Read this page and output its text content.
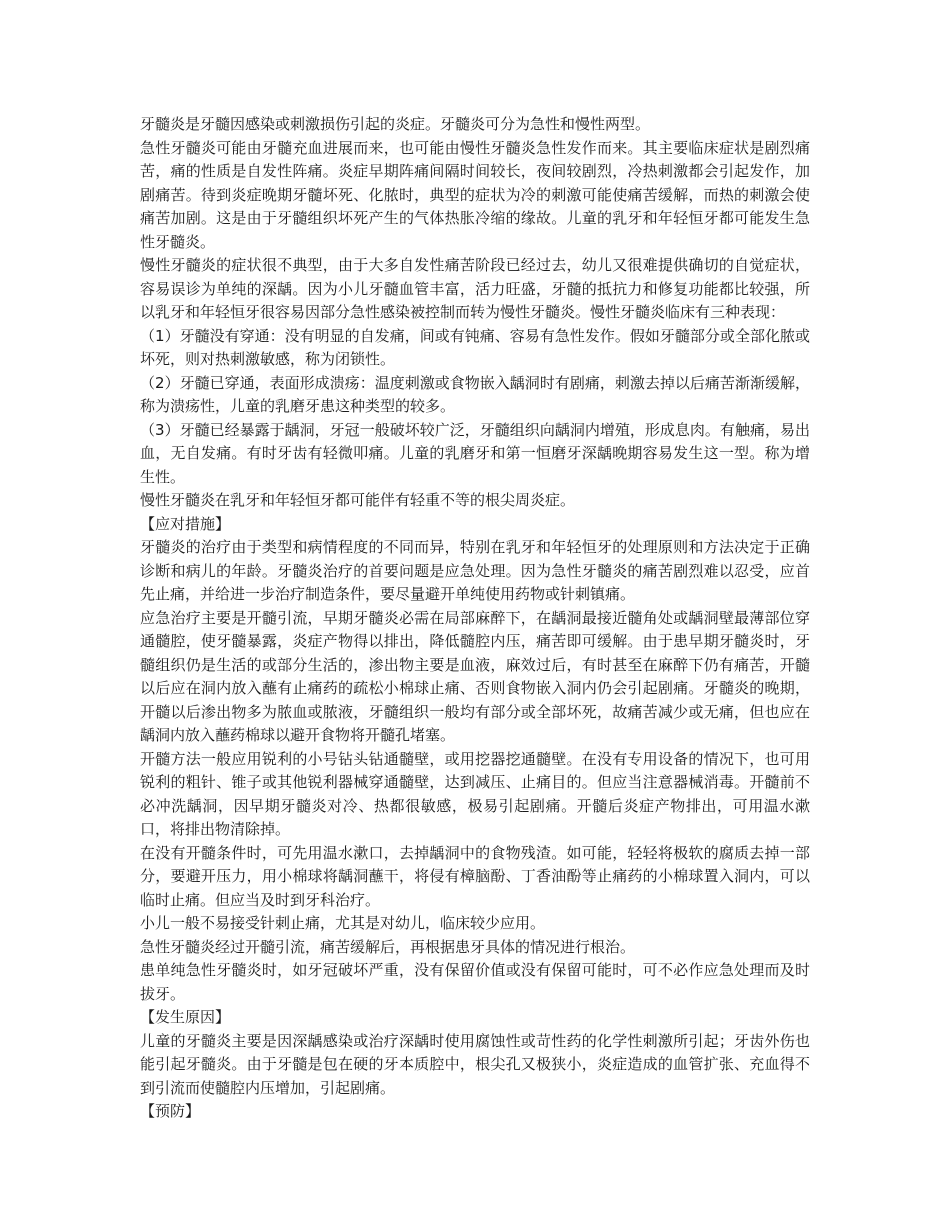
牙髓炎是牙髓因感染或刺激损伤引起的炎症。牙髓炎可分为急性和慢性两型。

急性牙髓炎可能由牙髓充血进展而来，也可能由慢性牙髓炎急性发作而来。其主要临床症状是剧烈痛苦，痛的性质是自发性阵痛。炎症早期阵痛间隔时间较长，夜间较剧烈，冷热刺激都会引起发作，加剧痛苦。待到炎症晚期牙髓坏死、化脓时，典型的症状为冷的刺激可能使痛苦缓解，而热的刺激会使痛苦加剧。这是由于牙髓组织坏死产生的气体热胀冷缩的缘故。儿童的乳牙和年轻恒牙都可能发生急性牙髓炎。

慢性牙髓炎的症状很不典型，由于大多自发性痛苦阶段已经过去，幼儿又很难提供确切的自觉症状，容易误诊为单纯的深龋。因为小儿牙髓血管丰富，活力旺盛，牙髓的抵抗力和修复功能都比较强，所以乳牙和年轻恒牙很容易因部分急性感染被控制而转为慢性牙髓炎。慢性牙髓炎临床有三种表现：

（1）牙髓没有穿通：没有明显的自发痛，间或有钝痛、容易有急性发作。假如牙髓部分或全部化脓或坏死，则对热刺激敏感，称为闭锁性。

（2）牙髓已穿通，表面形成溃疡：温度刺激或食物嵌入龋洞时有剧痛，刺激去掉以后痛苦渐渐缓解，称为溃疡性，儿童的乳磨牙患这种类型的较多。

（3）牙髓已经暴露于龋洞，牙冠一般破坏较广泛，牙髓组织向龋洞内增殖，形成息肉。有触痛，易出血，无自发痛。有时牙齿有轻微叩痛。儿童的乳磨牙和第一恒磨牙深龋晚期容易发生这一型。称为增生性。

慢性牙髓炎在乳牙和年轻恒牙都可能伴有轻重不等的根尖周炎症。

【应对措施】

牙髓炎的治疗由于类型和病情程度的不同而异，特别在乳牙和年轻恒牙的处理原则和方法决定于正确诊断和病儿的年龄。牙髓炎治疗的首要问题是应急处理。因为急性牙髓炎的痛苦剧烈难以忍受，应首先止痛，并给进一步治疗制造条件，要尽量避开单纯使用药物或针刺镇痛。

应急治疗主要是开髓引流，早期牙髓炎必需在局部麻醉下，在龋洞最接近髓角处或龋洞壁最薄部位穿通髓腔，使牙髓暴露，炎症产物得以排出，降低髓腔内压，痛苦即可缓解。由于患早期牙髓炎时，牙髓组织仍是生活的或部分生活的，渗出物主要是血液，麻效过后，有时甚至在麻醉下仍有痛苦，开髓以后应在洞内放入蘸有止痛药的疏松小棉球止痛、否则食物嵌入洞内仍会引起剧痛。牙髓炎的晚期，开髓以后渗出物多为脓血或脓液，牙髓组织一般均有部分或全部坏死，故痛苦减少或无痛，但也应在龋洞内放入蘸药棉球以避开食物将开髓孔堵塞。

开髓方法一般应用锐利的小号钻头钻通髓壁，或用挖器挖通髓壁。在没有专用设备的情况下，也可用锐利的粗针、锥子或其他锐利器械穿通髓壁，达到减压、止痛目的。但应当注意器械消毒。开髓前不必冲洗龋洞，因早期牙髓炎对冷、热都很敏感，极易引起剧痛。开髓后炎症产物排出，可用温水漱口，将排出物清除掉。

在没有开髓条件时，可先用温水漱口，去掉龋洞中的食物残渣。如可能，轻轻将极软的腐质去掉一部分，要避开压力，用小棉球将龋洞蘸干，将侵有樟脑酚、丁香油酚等止痛药的小棉球置入洞内，可以临时止痛。但应当及时到牙科治疗。

小儿一般不易接受针刺止痛，尤其是对幼儿，临床较少应用。

急性牙髓炎经过开髓引流，痛苦缓解后，再根据患牙具体的情况进行根治。

患单纯急性牙髓炎时，如牙冠破坏严重，没有保留价值或没有保留可能时，可不必作应急处理而及时拔牙。

【发生原因】

儿童的牙髓炎主要是因深龋感染或治疗深龋时使用腐蚀性或苛性药的化学性刺激所引起；牙齿外伤也能引起牙髓炎。由于牙髓是包在硬的牙本质腔中，根尖孔又极狭小，炎症造成的血管扩张、充血得不到引流而使髓腔内压增加，引起剧痛。

【预防】
